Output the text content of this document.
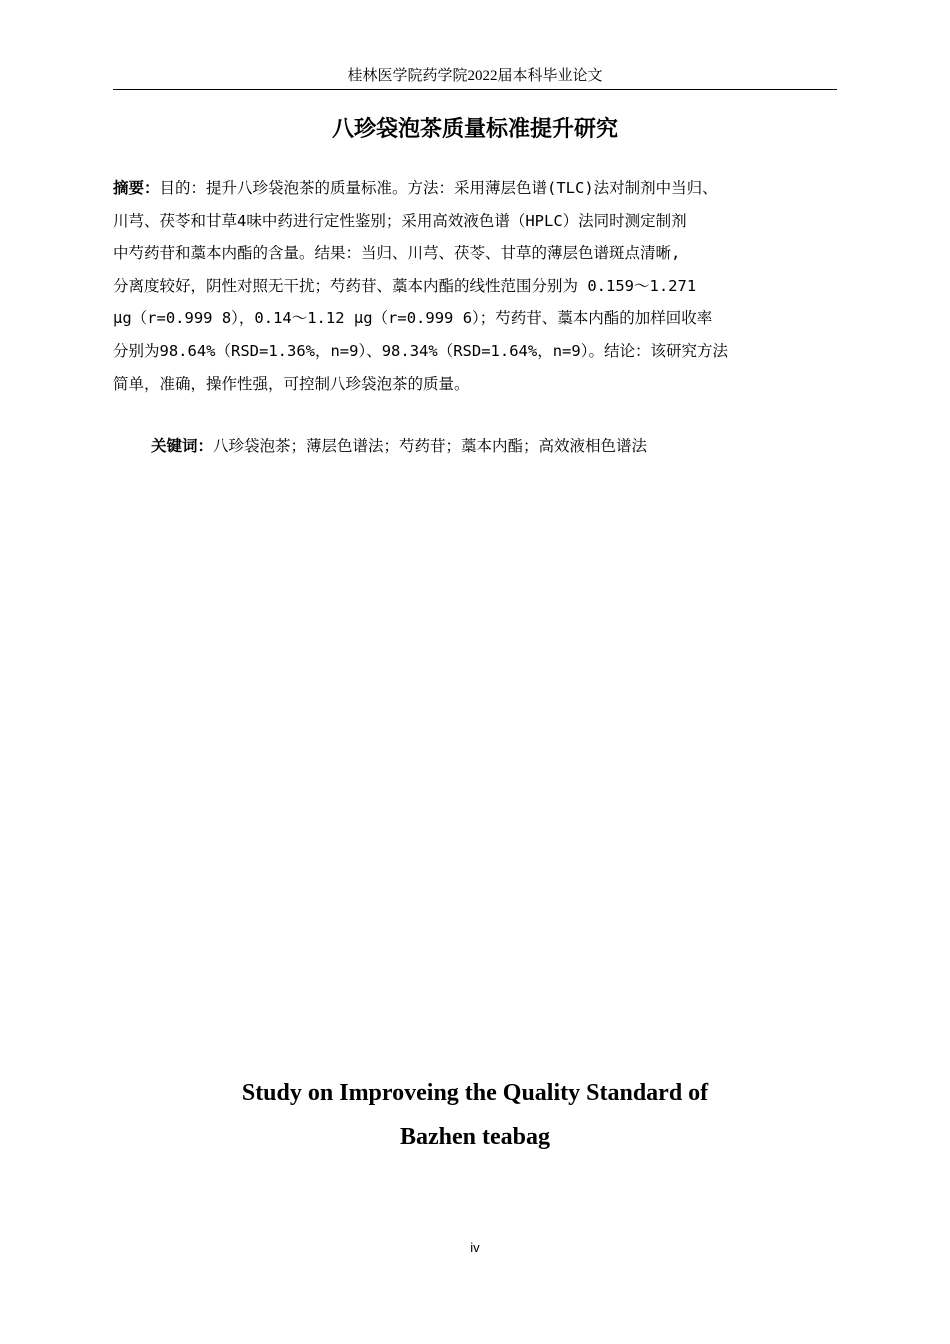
桂林医学院药学院2022届本科毕业论文
八珍袋泡茶质量标准提升研究
摘要：目的：提升八珍袋泡茶的质量标准。方法：采用薄层色谱(TLC)法对制剂中当归、
川芎、茯苓和甘草4味中药进行定性鉴别；采用高效液色谱（HPLC）法同时测定制剂
中芍药苷和藁本内酯的含量。结果：当归、川芎、茯苓、甘草的薄层色谱斑点清晰,
分离度较好，阴性对照无干扰；芍药苷、藁本内酯的线性范围分别为 0.159～1.271
μg（r=0.999 8），0.14～1.12 μg（r=0.999 6）；芍药苷、藁本内酯的加样回收率
分别为98.64%（RSD=1.36%，n=9）、98.34%（RSD=1.64%，n=9）。结论：该研究方法
简单，准确，操作性强，可控制八珍袋泡茶的质量。
关键词：八珍袋泡茶；薄层色谱法；芍药苷；藁本内酯；高效液相色谱法
Study on Improveing the Quality Standard of
Bazhen teabag
iv
